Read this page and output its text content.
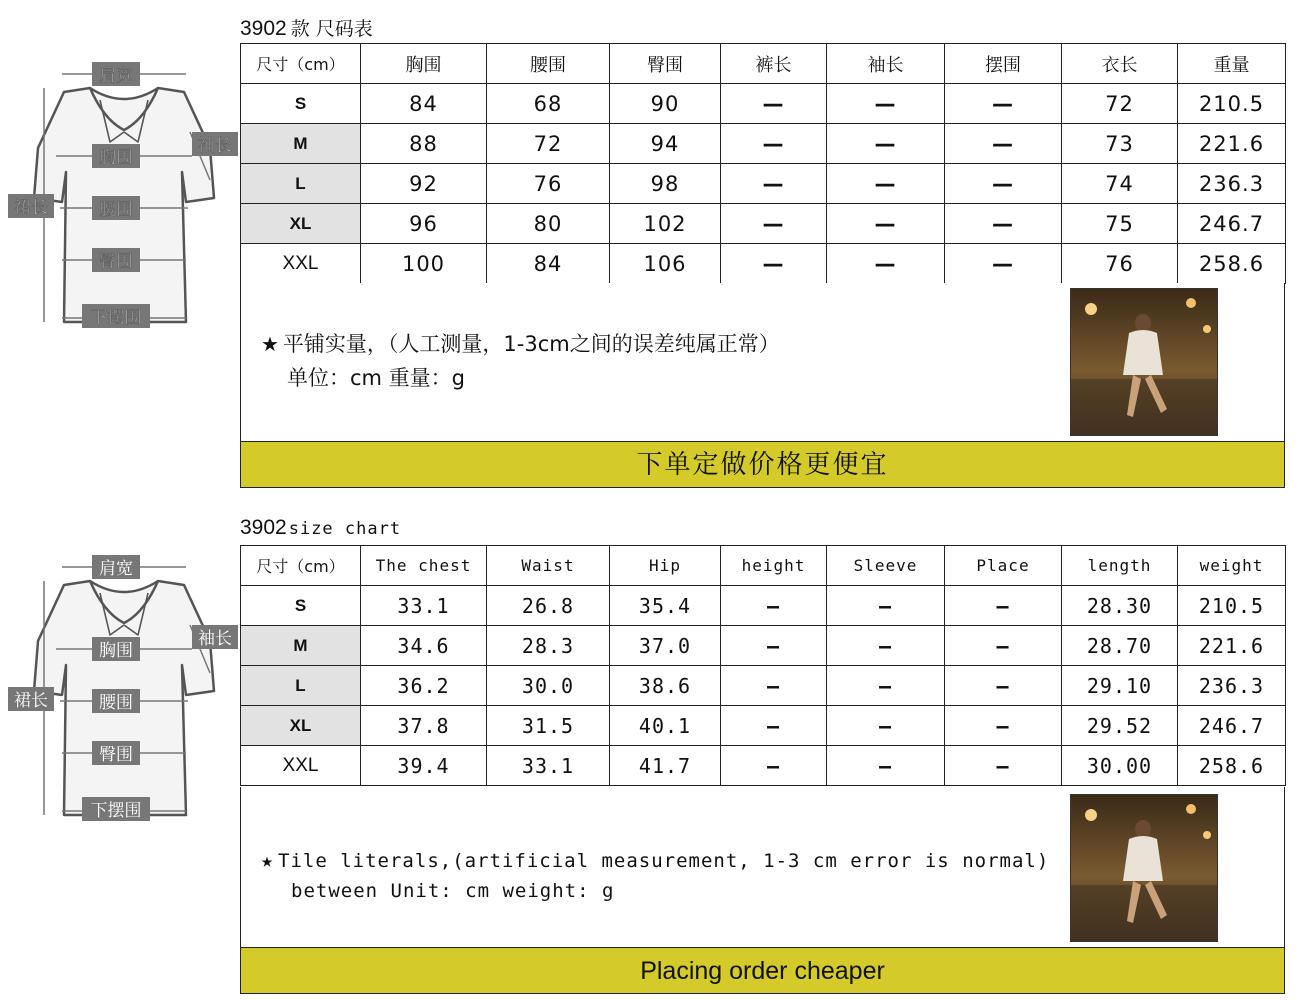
肩宽
袖长
胸围
腰围
臀围
下摆围
裙长
3902 款 尺码表
尺寸（cm）	胸围	腰围	臀围	裤长	袖长	摆围	衣长	重量
S	84	68	90	—	—	—	72	210.5
M	88	72	94	—	—	—	73	221.6
L	92	76	98	—	—	—	74	236.3
XL	96	80	102	—	—	—	75	246.7
XXL	100	84	106	—	—	—	76	258.6
★ 平铺实量，（人工测量，1-3cm之间的误差纯属正常）
单位：cm 重量：g
下单定做价格更便宜
肩宽
袖长
胸围
腰围
臀围
下摆围
裙长
3902 size chart
尺寸（cm）	The chest	Waist	Hip	height	Sleeve	Place	length	weight
S	33.1	26.8	35.4	—	—	—	28.30	210.5
M	34.6	28.3	37.0	—	—	—	28.70	221.6
L	36.2	30.0	38.6	—	—	—	29.10	236.3
XL	37.8	31.5	40.1	—	—	—	29.52	246.7
XXL	39.4	33.1	41.7	—	—	—	30.00	258.6
★ Tile literals,(artificial measurement, 1-3 cm error is normal)
between Unit: cm weight: g
Placing order cheaper
